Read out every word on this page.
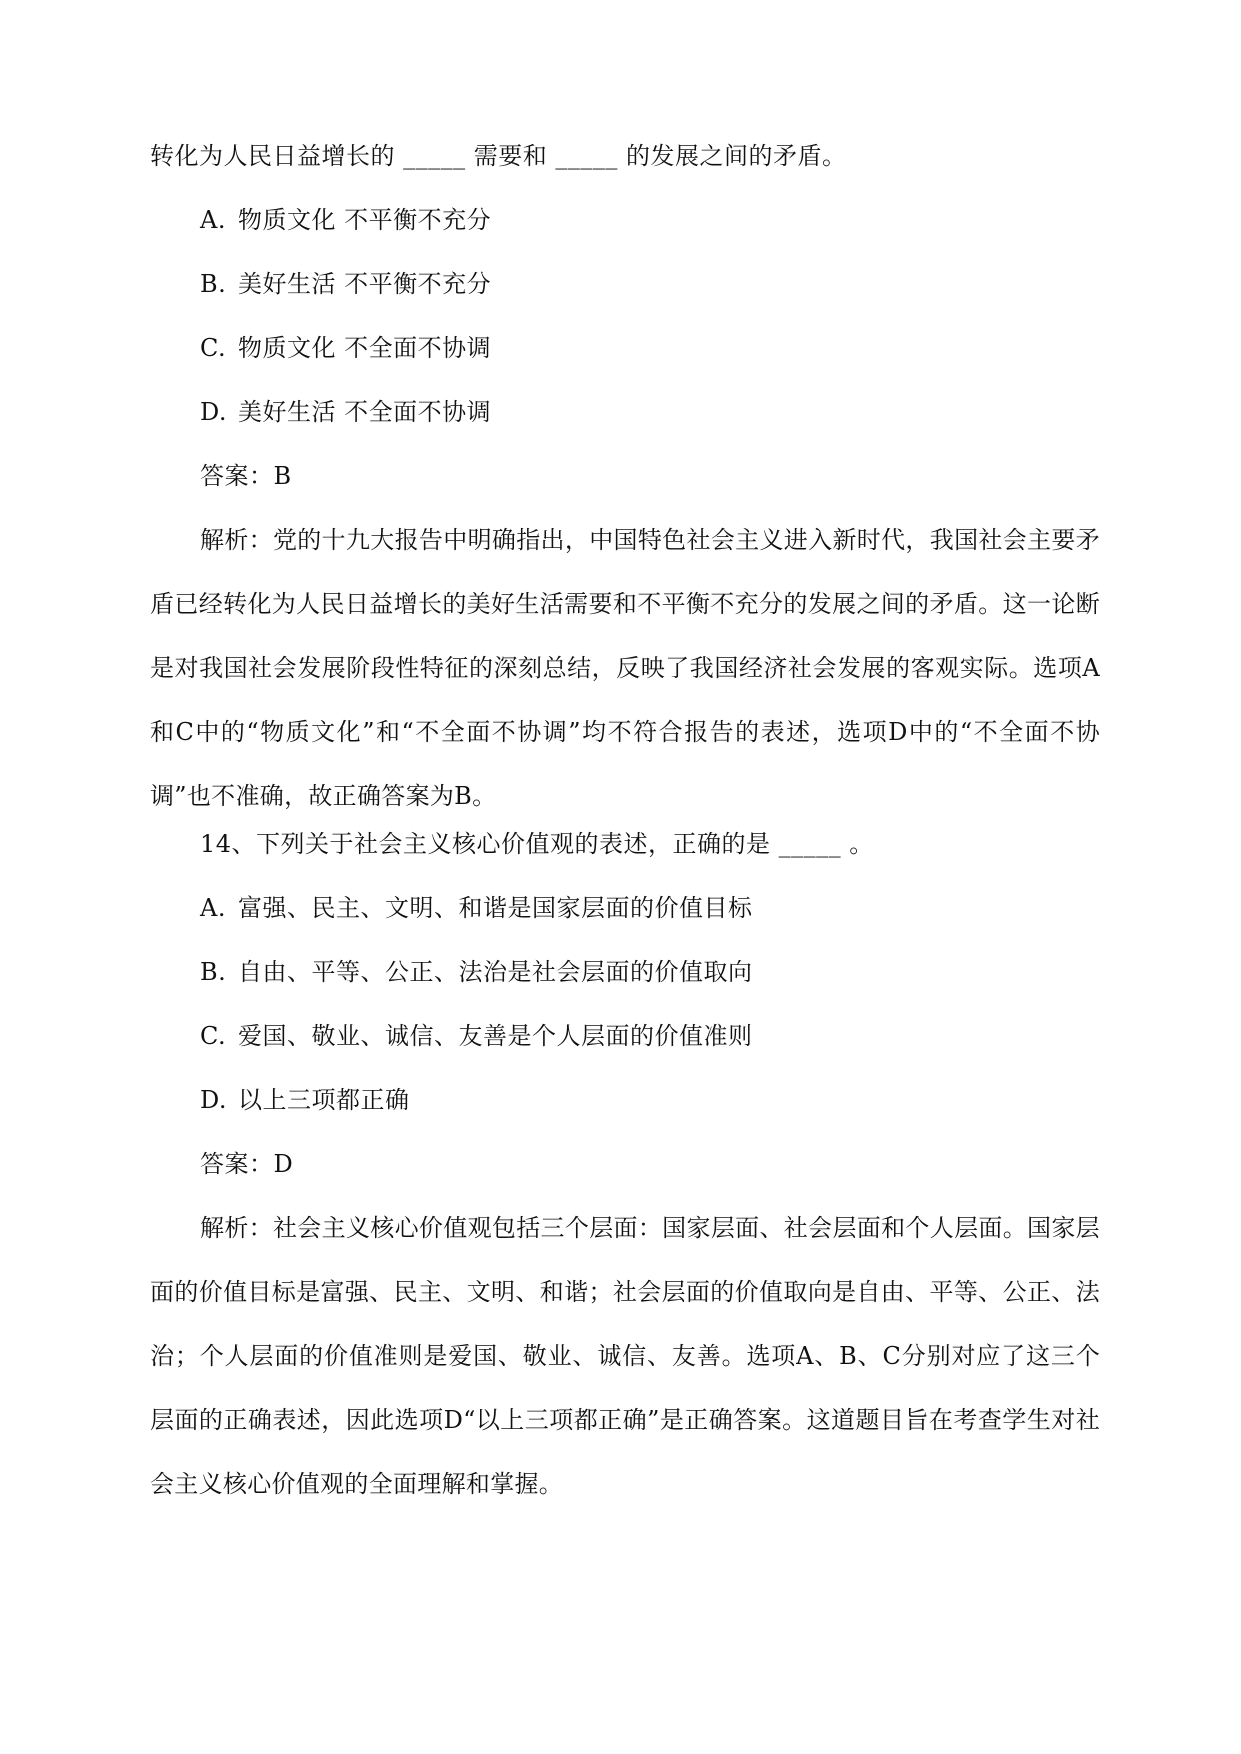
转化为人民日益增长的 _____ 需要和 _____ 的发展之间的矛盾。
A. 物质文化 不平衡不充分
B. 美好生活 不平衡不充分
C. 物质文化 不全面不协调
D. 美好生活 不全面不协调
答案：B

解析：党的十九大报告中明确指出，中国特色社会主义进入新时代，我国社会主要矛盾已经转化为人民日益增长的美好生活需要和不平衡不充分的发展之间的矛盾。这一论断是对我国社会发展阶段性特征的深刻总结，反映了我国经济社会发展的客观实际。选项A和C中的“物质文化”和“不全面不协调”均不符合报告的表述，选项D中的“不全面不协调”也不准确，故正确答案为B。

14、下列关于社会主义核心价值观的表述，正确的是 _____ 。
A. 富强、民主、文明、和谐是国家层面的价值目标
B. 自由、平等、公正、法治是社会层面的价值取向
C. 爱国、敬业、诚信、友善是个人层面的价值准则
D. 以上三项都正确
答案：D

解析：社会主义核心价值观包括三个层面：国家层面、社会层面和个人层面。国家层面的价值目标是富强、民主、文明、和谐；社会层面的价值取向是自由、平等、公正、法治；个人层面的价值准则是爱国、敬业、诚信、友善。选项A、B、C分别对应了这三个层面的正确表述，因此选项D“以上三项都正确”是正确答案。这道题目旨在考查学生对社会主义核心价值观的全面理解和掌握。
